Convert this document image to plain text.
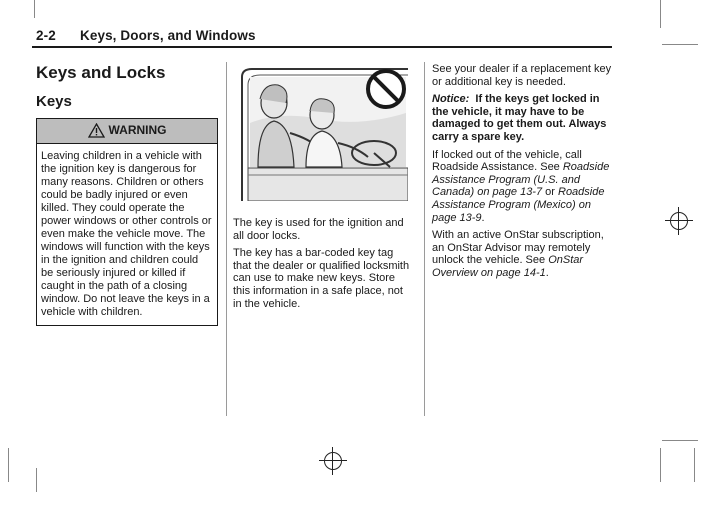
2-2 Keys, Doors, and Windows
Keys and Locks
Keys
WARNING
Leaving children in a vehicle with the ignition key is dangerous for many reasons. Children or others could be badly injured or even killed. They could operate the power windows or other controls or even make the vehicle move. The windows will function with the keys in the ignition and children could be seriously injured or killed if caught in the path of a closing window. Do not leave the keys in a vehicle with children.

The key is used for the ignition and all door locks.

The key has a bar-coded key tag that the dealer or qualified locksmith can use to make new keys. Store this information in a safe place, not in the vehicle.

See your dealer if a replacement key or additional key is needed.

Notice: If the keys get locked in the vehicle, it may have to be damaged to get them out. Always carry a spare key.

If locked out of the vehicle, call Roadside Assistance. See Roadside Assistance Program (U.S. and Canada) on page 13-7 or Roadside Assistance Program (Mexico) on page 13-9.

With an active OnStar subscription, an OnStar Advisor may remotely unlock the vehicle. See OnStar Overview on page 14-1.
